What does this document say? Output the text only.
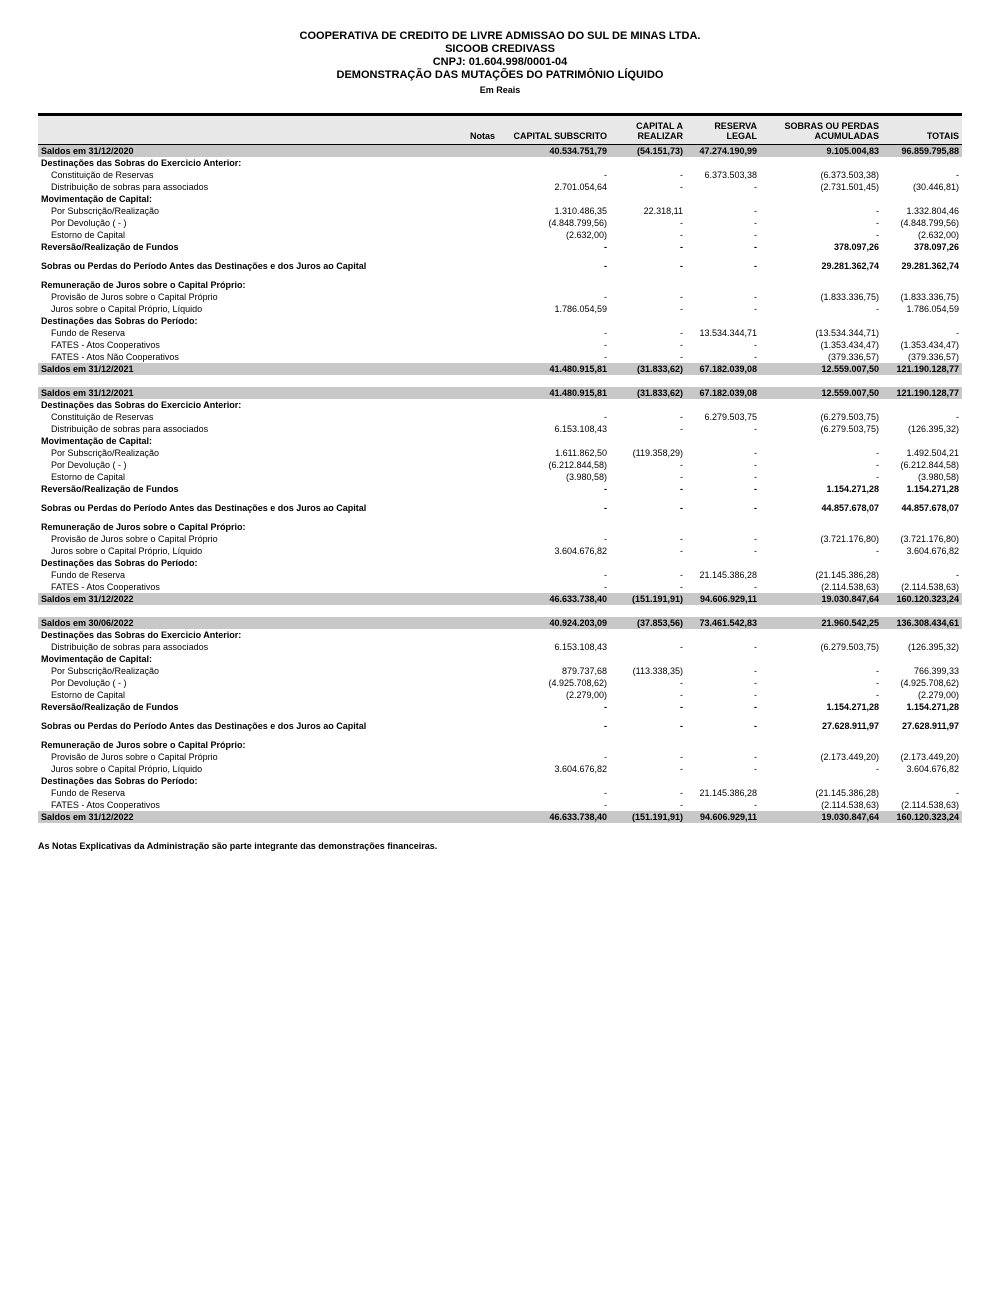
COOPERATIVA DE CREDITO DE LIVRE ADMISSAO DO SUL DE MINAS LTDA.
SICOOB CREDIVASS
CNPJ: 01.604.998/0001-04
DEMONSTRAÇÃO DAS MUTAÇÕES DO PATRIMÔNIO LÍQUIDO
Em Reais
	Notas	CAPITAL SUBSCRITO	CAPITAL A REALIZAR	RESERVA LEGAL	SOBRAS OU PERDAS ACUMULADAS	TOTAIS
Saldos em 31/12/2020		40.534.751,79	(54.151,73)	47.274.190,99	9.105.004,83	96.859.795,88
Destinações das Sobras do Exercicio Anterior:						
Constituição de Reservas		-	-	6.373.503,38	(6.373.503,38)	-
Distribuição de sobras para associados		2.701.054,64	-	-	(2.731.501,45)	(30.446,81)
Movimentação de Capital:						
Por Subscrição/Realização		1.310.486,35	22.318,11	-	-	1.332.804,46
Por Devolução ( - )		(4.848.799,56)	-	-	-	(4.848.799,56)
Estorno de Capital		(2.632,00)	-	-	-	(2.632,00)
Reversão/Realização de Fundos		-	-	-	378.097,26	378.097,26

Sobras ou Perdas do Período Antes das Destinações e dos Juros ao Capital		-	-	-	29.281.362,74	29.281.362,74

Remuneração de Juros sobre o Capital Próprio:						
Provisão de Juros sobre o Capital Próprio		-	-	-	(1.833.336,75)	(1.833.336,75)
Juros sobre o Capital Próprio, Líquido		1.786.054,59	-	-	-	1.786.054,59
Destinações das Sobras do Período:						
Fundo de Reserva		-	-	13.534.344,71	(13.534.344,71)	-
FATES - Atos Cooperativos		-	-	-	(1.353.434,47)	(1.353.434,47)
FATES - Atos Não Cooperativos		-	-	-	(379.336,57)	(379.336,57)
Saldos em 31/12/2021		41.480.915,81	(31.833,62)	67.182.039,08	12.559.007,50	121.190.128,77

Saldos em 31/12/2021		41.480.915,81	(31.833,62)	67.182.039,08	12.559.007,50	121.190.128,77
Destinações das Sobras do Exercicio Anterior:						
Constituição de Reservas		-	-	6.279.503,75	(6.279.503,75)	-
Distribuição de sobras para associados		6.153.108,43	-	-	(6.279.503,75)	(126.395,32)
Movimentação de Capital:						
Por Subscrição/Realização		1.611.862,50	(119.358,29)	-	-	1.492.504,21
Por Devolução ( - )		(6.212.844,58)	-	-	-	(6.212.844,58)
Estorno de Capital		(3.980,58)	-	-	-	(3.980,58)
Reversão/Realização de Fundos		-	-	-	1.154.271,28	1.154.271,28

Sobras ou Perdas do Período Antes das Destinações e dos Juros ao Capital		-	-	-	44.857.678,07	44.857.678,07

Remuneração de Juros sobre o Capital Próprio:						
Provisão de Juros sobre o Capital Próprio		-	-	-	(3.721.176,80)	(3.721.176,80)
Juros sobre o Capital Próprio, Líquido		3.604.676,82	-	-	-	3.604.676,82
Destinações das Sobras do Período:						
Fundo de Reserva		-	-	21.145.386,28	(21.145.386,28)	-
FATES - Atos Cooperativos		-	-	-	(2.114.538,63)	(2.114.538,63)
Saldos em 31/12/2022		46.633.738,40	(151.191,91)	94.606.929,11	19.030.847,64	160.120.323,24

Saldos em 30/06/2022		40.924.203,09	(37.853,56)	73.461.542,83	21.960.542,25	136.308.434,61
Destinações das Sobras do Exercicio Anterior:						
Distribuição de sobras para associados		6.153.108,43	-	-	(6.279.503,75)	(126.395,32)
Movimentação de Capital:						
Por Subscrição/Realização		879.737,68	(113.338,35)	-	-	766.399,33
Por Devolução ( - )		(4.925.708,62)	-	-	-	(4.925.708,62)
Estorno de Capital		(2.279,00)	-	-	-	(2.279,00)
Reversão/Realização de Fundos		-	-	-	1.154.271,28	1.154.271,28

Sobras ou Perdas do Período Antes das Destinações e dos Juros ao Capital		-	-	-	27.628.911,97	27.628.911,97

Remuneração de Juros sobre o Capital Próprio:						
Provisão de Juros sobre o Capital Próprio		-	-	-	(2.173.449,20)	(2.173.449,20)
Juros sobre o Capital Próprio, Líquido		3.604.676,82	-	-	-	3.604.676,82
Destinações das Sobras do Período:						
Fundo de Reserva		-	-	21.145.386,28	(21.145.386,28)	-
FATES - Atos Cooperativos		-	-	-	(2.114.538,63)	(2.114.538,63)
Saldos em 31/12/2022		46.633.738,40	(151.191,91)	94.606.929,11	19.030.847,64	160.120.323,24
As Notas Explicativas da Administração são parte integrante das demonstrações financeiras.
